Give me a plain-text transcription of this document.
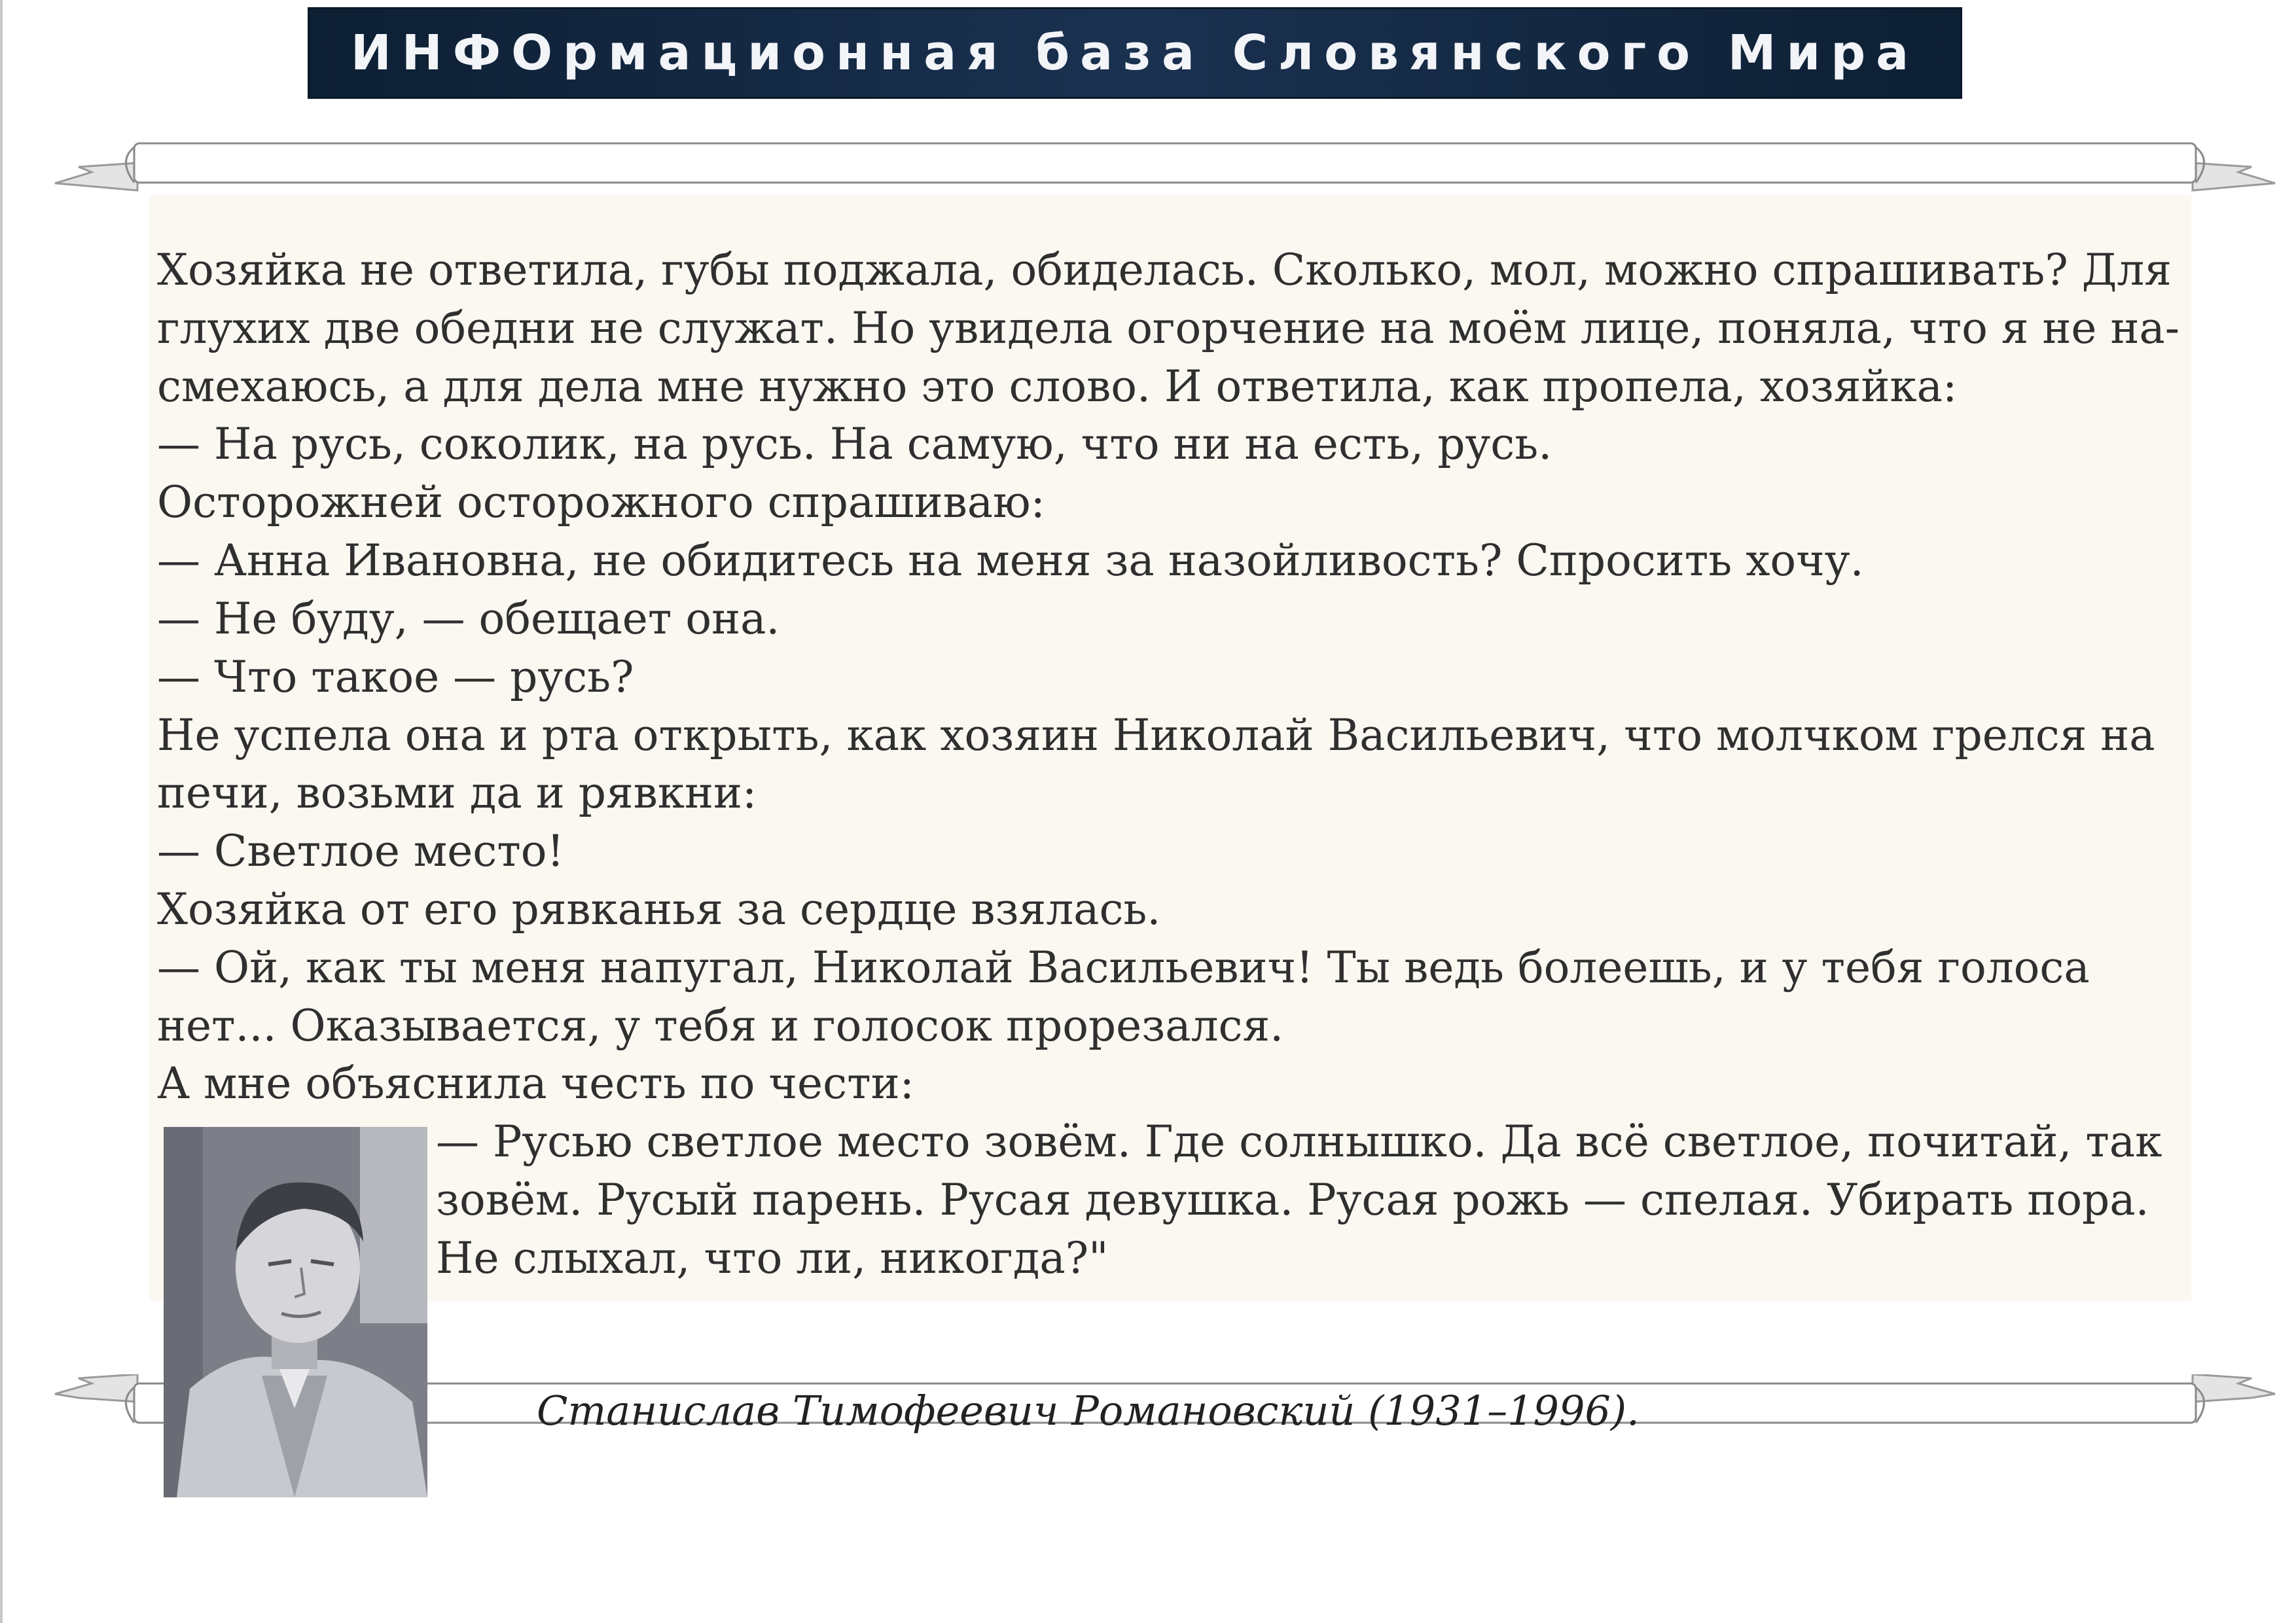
ИНФОрмационная база Словянского Мира

Хозяйка не ответила, губы поджала, обиделась. Сколько, мол, можно спрашивать? Для

глухих две обедни не служат. Но увидела огорчение на моём лице, поняла, что я не на-

смехаюсь, а для дела мне нужно это слово. И ответила, как пропела, хозяйка:

— На русь, соколик, на русь. На самую, что ни на есть, русь.

Осторожней осторожного спрашиваю:

— Анна Ивановна, не обидитесь на меня за назойливость? Спросить хочу.

— Не буду, — обещает она.

— Что такое — русь?

Не успела она и рта открыть, как хозяин Николай Васильевич, что молчком грелся на

печи, возьми да и рявкни:

— Светлое место!

Хозяйка от его рявканья за сердце взялась.

— Ой, как ты меня напугал, Николай Васильевич! Ты ведь болеешь, и у тебя голоса

нет... Оказывается, у тебя и голосок прорезался.

А мне объяснила честь по чести:

— Русью светлое место зовём. Где солнышко. Да всё светлое, почитай, так

зовём. Русый парень. Русая девушка. Русая рожь — спелая. Убирать пора.

Не слыхал, что ли, никогда?"

Станислав Тимофеевич Романовский (1931–1996).
